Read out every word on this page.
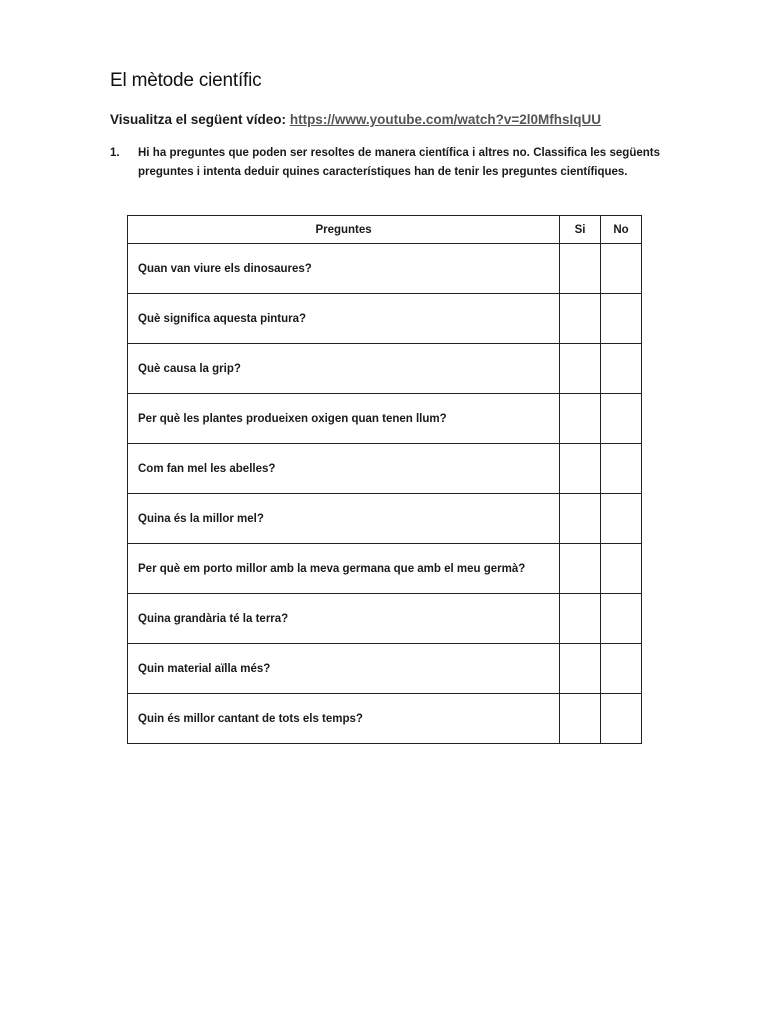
El mètode científic
Visualitza el següent vídeo: https://www.youtube.com/watch?v=2l0MfhsIqUU
1. Hi ha preguntes que poden ser resoltes de manera científica i altres no. Classifica les següents preguntes i intenta deduir quines característiques han de tenir les preguntes científiques.
Preguntes	Si	No
Quan van viure els dinosaures?		
Què significa aquesta pintura?		
Què causa la grip?		
Per què les plantes produeixen oxigen quan tenen llum?		
Com fan mel les abelles?		
Quina és la millor mel?		
Per què em porto millor amb la meva germana que amb el meu germà?		
Quina grandària té la terra?		
Quin material aïlla més?		
Quin és millor cantant de tots els temps?		
